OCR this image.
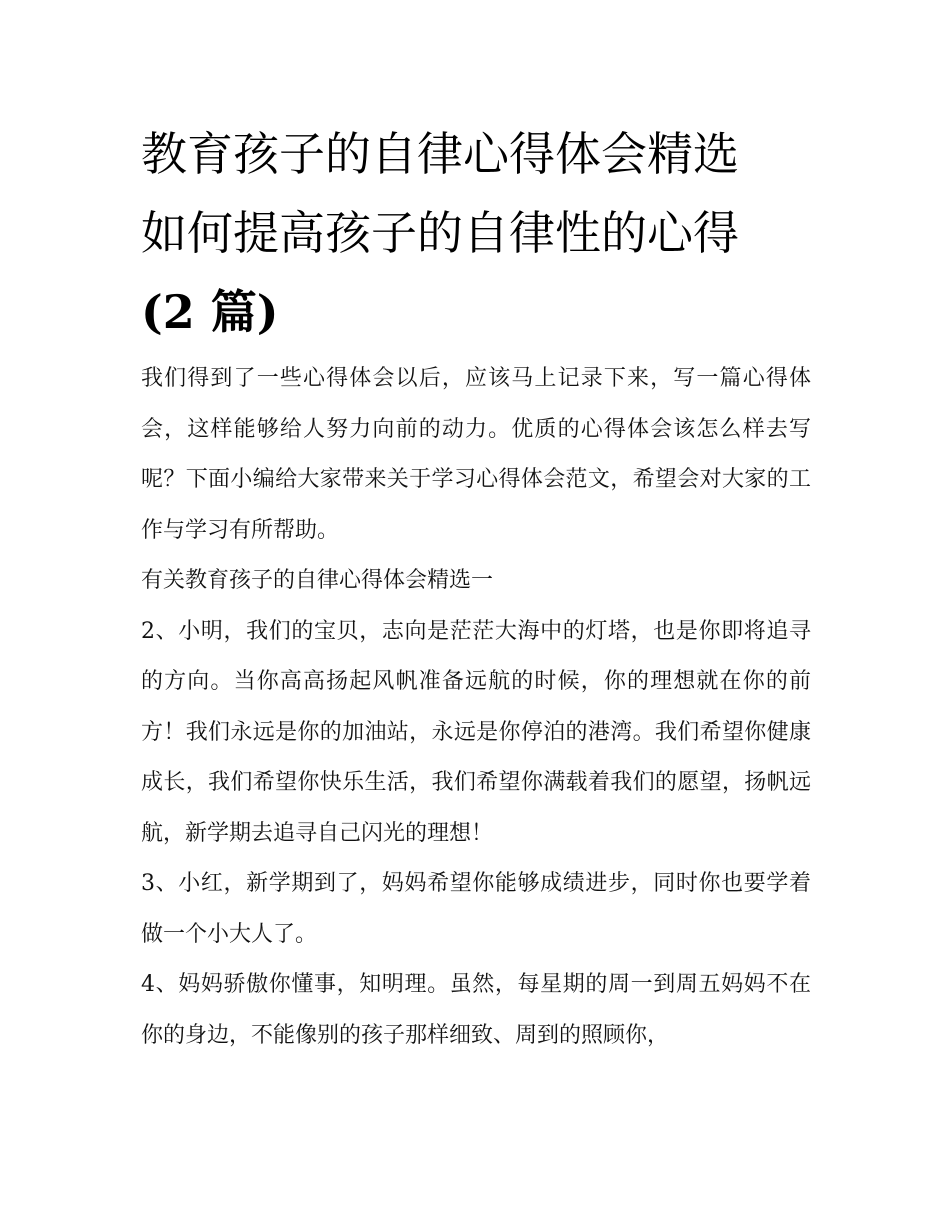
教育孩子的自律心得体会精选
如何提高孩子的自律性的心得
(2 篇)

我们得到了一些心得体会以后，应该马上记录下来，写一篇心得体会，这样能够给人努力向前的动力。优质的心得体会该怎么样去写呢？下面小编给大家带来关于学习心得体会范文，希望会对大家的工作与学习有所帮助。

有关教育孩子的自律心得体会精选一

2、小明，我们的宝贝，志向是茫茫大海中的灯塔，也是你即将追寻的方向。当你高高扬起风帆准备远航的时候，你的理想就在你的前方！我们永远是你的加油站，永远是你停泊的港湾。我们希望你健康成长，我们希望你快乐生活，我们希望你满载着我们的愿望，扬帆远航，新学期去追寻自己闪光的理想！

3、小红，新学期到了，妈妈希望你能够成绩进步，同时你也要学着做一个小大人了。

4、妈妈骄傲你懂事，知明理。虽然，每星期的周一到周五妈妈不在你的身边，不能像别的孩子那样细致、周到的照顾你，
